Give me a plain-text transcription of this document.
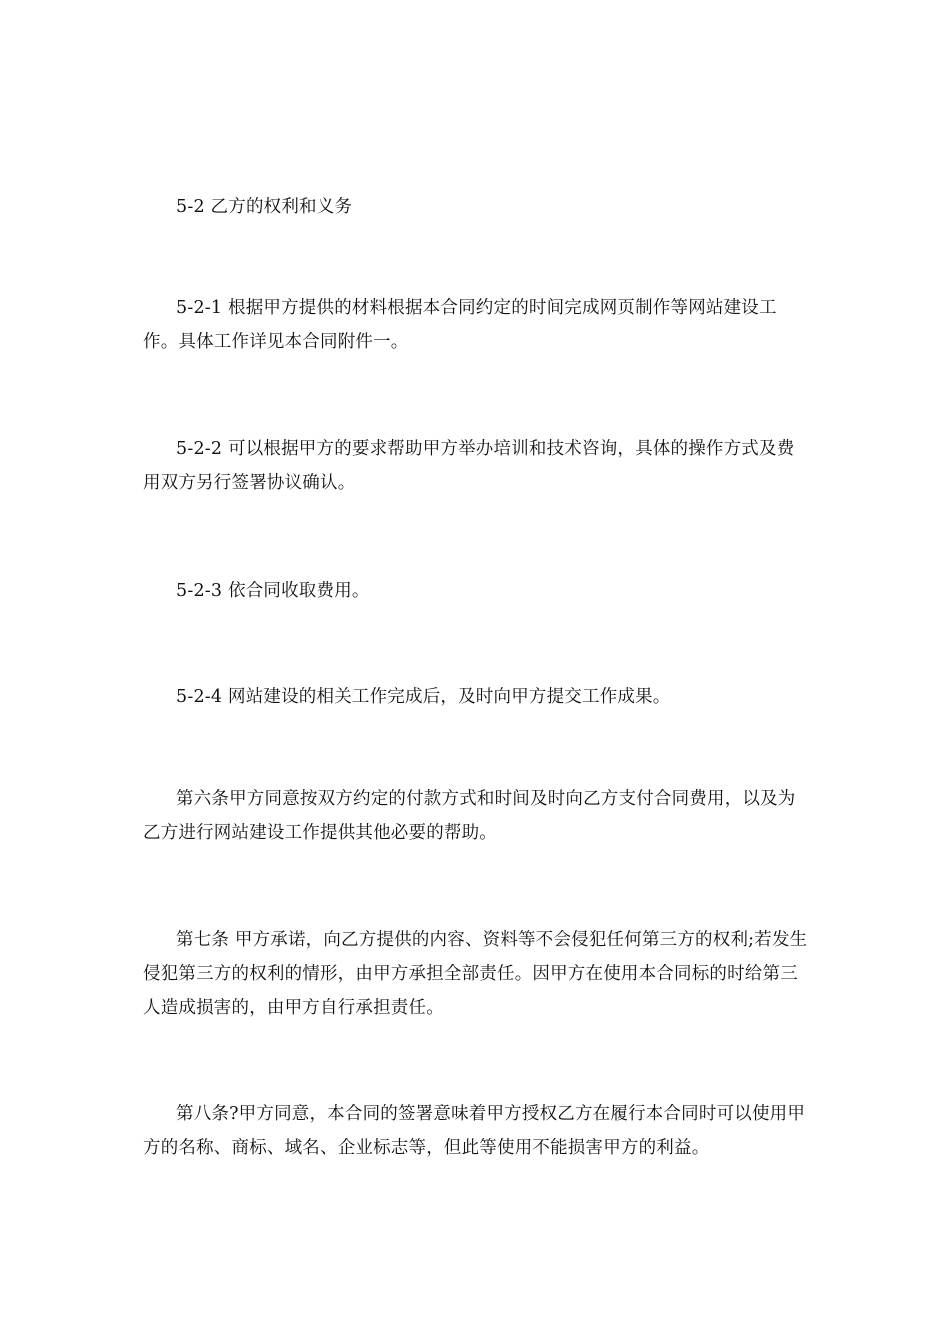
5-2 乙方的权利和义务

5-2-1 根据甲方提供的材料根据本合同约定的时间完成网页制作等网站建设工作。具体工作详见本合同附件一。

5-2-2 可以根据甲方的要求帮助甲方举办培训和技术咨询，具体的操作方式及费用双方另行签署协议确认。

5-2-3 依合同收取费用。

5-2-4 网站建设的相关工作完成后，及时向甲方提交工作成果。

第六条甲方同意按双方约定的付款方式和时间及时向乙方支付合同费用，以及为乙方进行网站建设工作提供其他必要的帮助。

第七条 甲方承诺，向乙方提供的内容、资料等不会侵犯任何第三方的权利;若发生侵犯第三方的权利的情形，由甲方承担全部责任。因甲方在使用本合同标的时给第三人造成损害的，由甲方自行承担责任。

第八条?甲方同意，本合同的签署意味着甲方授权乙方在履行本合同时可以使用甲方的名称、商标、域名、企业标志等，但此等使用不能损害甲方的利益。
